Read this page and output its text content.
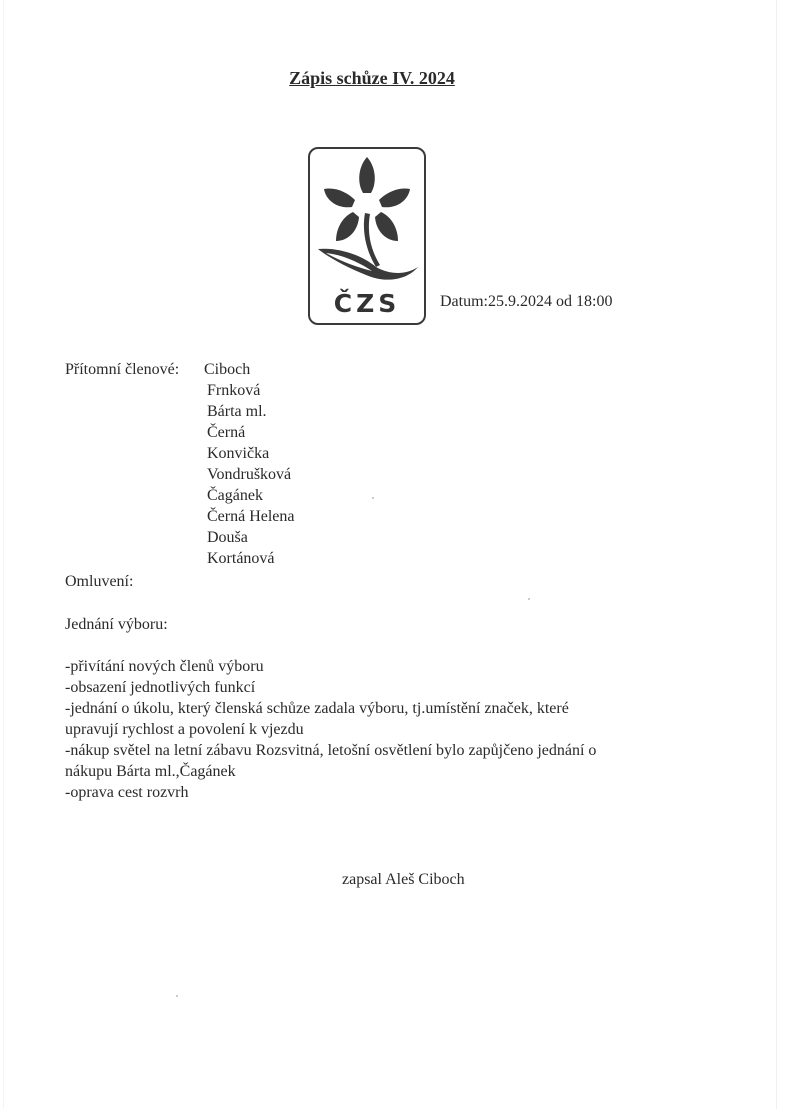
Zápis schůze IV. 2024
ČZS	Datum:25.9.2024 od 18:00
Přítomní členové: Ciboch
Frnková
Bárta ml.
Černá
Konvička
Vondrušková
Čagánek
Černá Helena
Douša
Kortánová
Omluvení:
Jednání výboru:
-přivítání nových členů výboru
-obsazení jednotlivých funkcí
-jednání o úkolu, který členská schůze zadala výboru, tj.umístění značek, které
upravují rychlost a povolení k vjezdu
-nákup světel na letní zábavu Rozsvitná, letošní osvětlení bylo zapůjčeno jednání o
nákupu Bárta ml.,Čagánek
-oprava cest rozvrh
zapsal Aleš Ciboch
